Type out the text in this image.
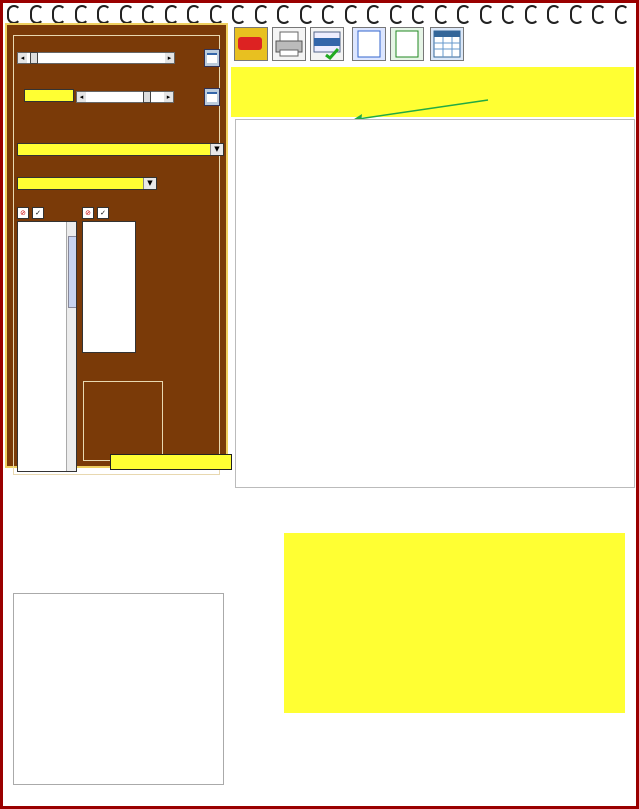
◂	▸
◂	▸
▼
▼
⊘	✓	⊘	✓
